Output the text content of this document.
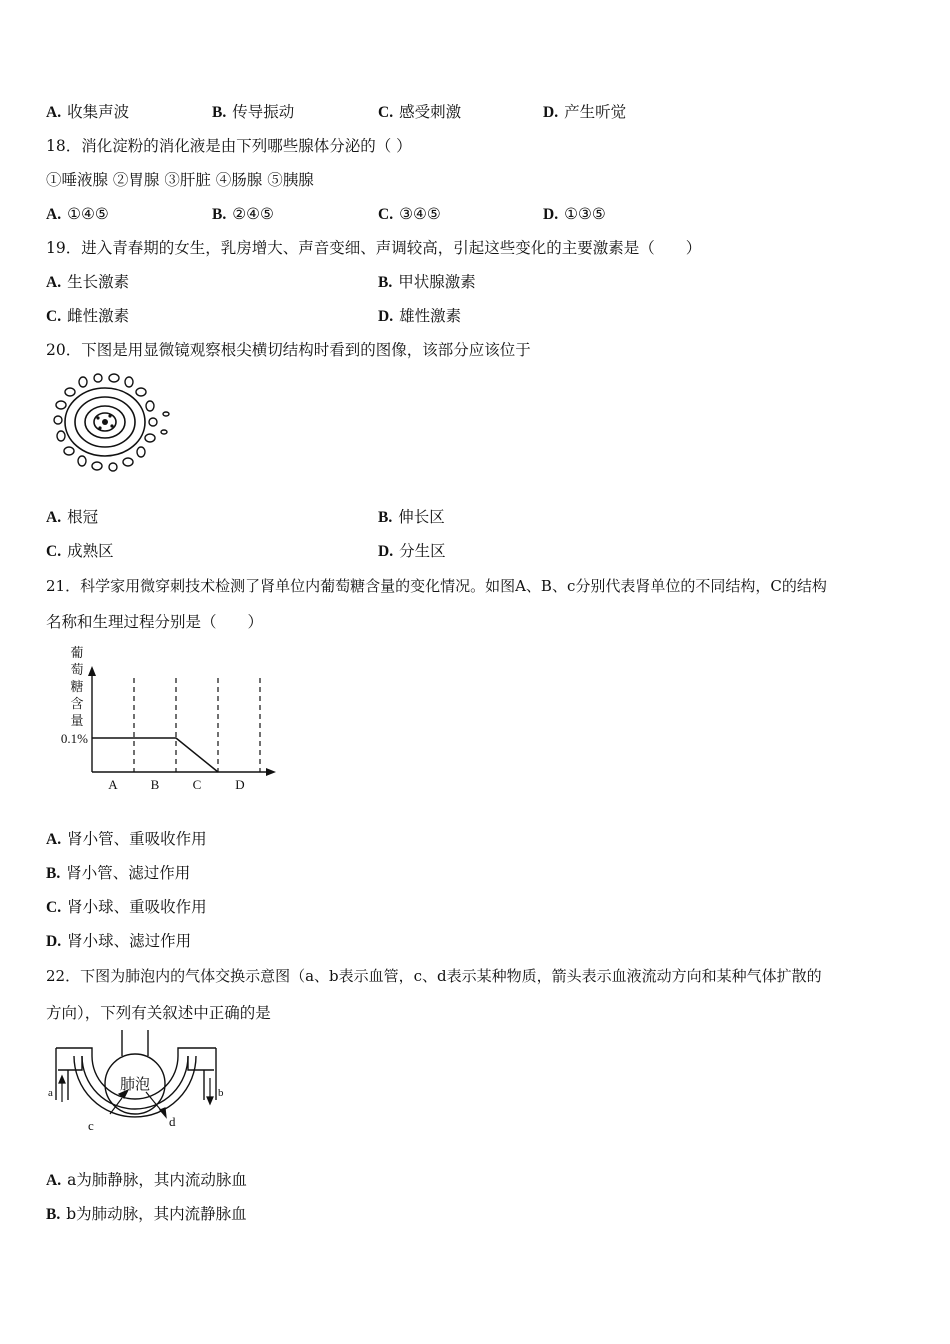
A. 收集声波	B. 传导振动	C. 感受刺激	D. 产生听觉
18．消化淀粉的消化液是由下列哪些腺体分泌的（ ）
①唾液腺 ②胃腺 ③肝脏 ④肠腺 ⑤胰腺
A. ①④⑤	B. ②④⑤	C. ③④⑤	D. ①③⑤
19．进入青春期的女生，乳房增大、声音变细、声调较高，引起这些变化的主要激素是（　　）
A. 生长激素	B. 甲状腺激素
C. 雌性激素	D. 雄性激素
20．下图是用显微镜观察根尖横切结构时看到的图像，该部分应该位于
A. 根冠	B. 伸长区
C. 成熟区	D. 分生区
21．科学家用微穿刺技术检测了肾单位内葡萄糖含量的变化情况。如图A、B、c分别代表肾单位的不同结构，C的结构
名称和生理过程分别是（　　）
葡
萄
糖
含
量
0.1%
A	B	C	D
A. 肾小管、重吸收作用
B. 肾小管、滤过作用
C. 肾小球、重吸收作用
D. 肾小球、滤过作用
22．下图为肺泡内的气体交换示意图（a、b表示血管，c、d表示某种物质，箭头表示血液流动方向和某种气体扩散的
方向），下列有关叙述中正确的是
肺泡
a	b
c	d
A. a为肺静脉，其内流动脉血
B. b为肺动脉，其内流静脉血
